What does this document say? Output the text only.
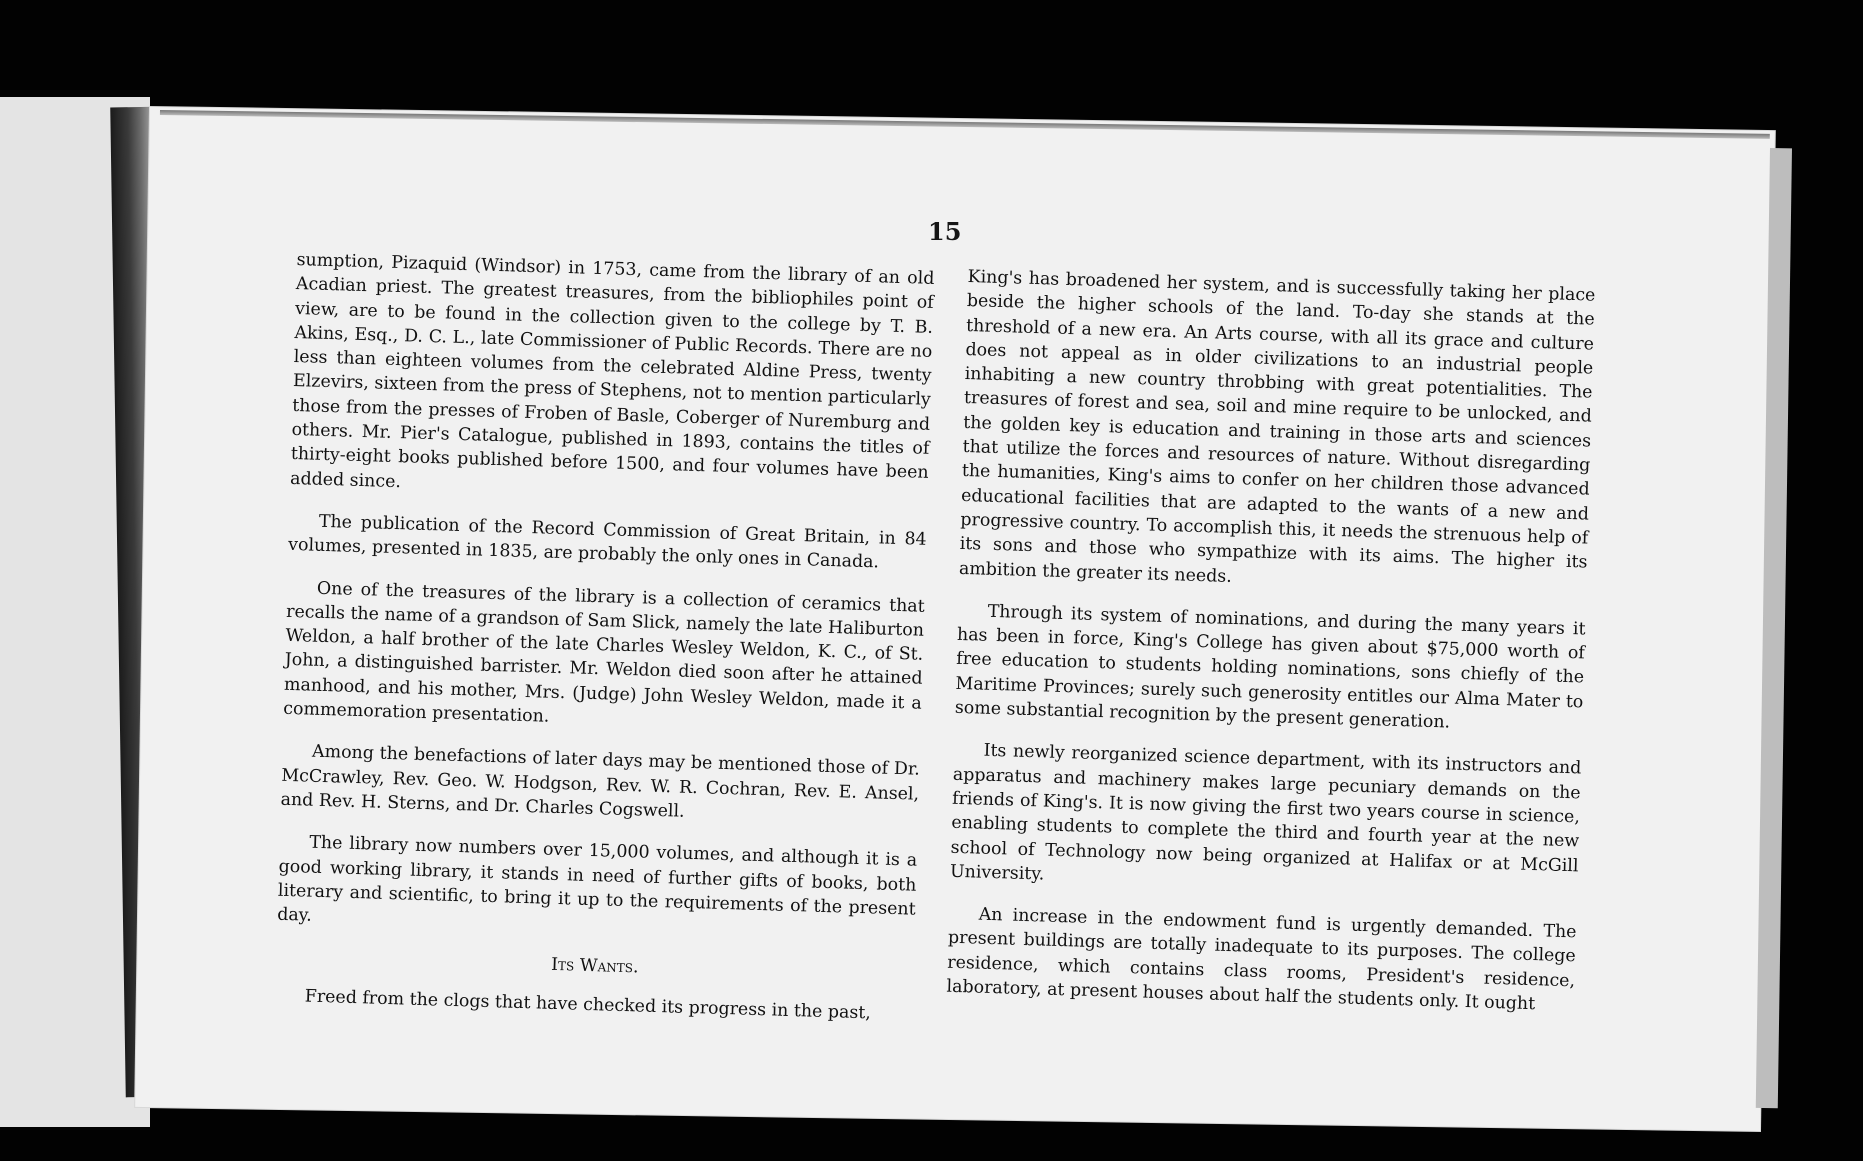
15

sumption, Pizaquid (Windsor) in 1753, came from the library of an old Acadian priest. The greatest treasures, from the bibliophiles point of view, are to be found in the collection given to the college by T. B. Akins, Esq., D. C. L., late Commissioner of Public Records. There are no less than eighteen volumes from the celebrated Aldine Press, twenty Elzevirs, sixteen from the press of Stephens, not to mention particularly those from the presses of Froben of Basle, Coberger of Nuremburg and others. Mr. Pier's Catalogue, published in 1893, contains the titles of thirty-eight books published before 1500, and four volumes have been added since.

The publication of the Record Commission of Great Britain, in 84 volumes, presented in 1835, are probably the only ones in Canada.

One of the treasures of the library is a collection of ceramics that recalls the name of a grandson of Sam Slick, namely the late Haliburton Weldon, a half brother of the late Charles Wesley Weldon, K. C., of St. John, a distinguished barrister. Mr. Weldon died soon after he attained manhood, and his mother, Mrs. (Judge) John Wesley Weldon, made it a commemoration presentation.

Among the benefactions of later days may be mentioned those of Dr. McCrawley, Rev. Geo. W. Hodgson, Rev. W. R. Cochran, Rev. E. Ansel, and Rev. H. Sterns, and Dr. Charles Cogswell.

The library now numbers over 15,000 volumes, and although it is a good working library, it stands in need of further gifts of books, both literary and scientific, to bring it up to the requirements of the present day.

Its Wants.

Freed from the clogs that have checked its progress in the past,

King's has broadened her system, and is successfully taking her place beside the higher schools of the land. To-day she stands at the threshold of a new era. An Arts course, with all its grace and culture does not appeal as in older civilizations to an industrial people inhabiting a new country throbbing with great potentialities. The treasures of forest and sea, soil and mine require to be unlocked, and the golden key is education and training in those arts and sciences that utilize the forces and resources of nature. Without disregarding the humanities, King's aims to confer on her children those advanced educational facilities that are adapted to the wants of a new and progressive country. To accomplish this, it needs the strenuous help of its sons and those who sympathize with its aims. The higher its ambition the greater its needs.

Through its system of nominations, and during the many years it has been in force, King's College has given about $75,000 worth of free education to students holding nominations, sons chiefly of the Maritime Provinces; surely such generosity entitles our Alma Mater to some substantial recognition by the present generation.

Its newly reorganized science department, with its instructors and apparatus and machinery makes large pecuniary demands on the friends of King's. It is now giving the first two years course in science, enabling students to complete the third and fourth year at the new school of Technology now being organized at Halifax or at McGill University.

An increase in the endowment fund is urgently demanded. The present buildings are totally inadequate to its purposes. The college residence, which contains class rooms, President's residence, laboratory, at present houses about half the students only. It ought
